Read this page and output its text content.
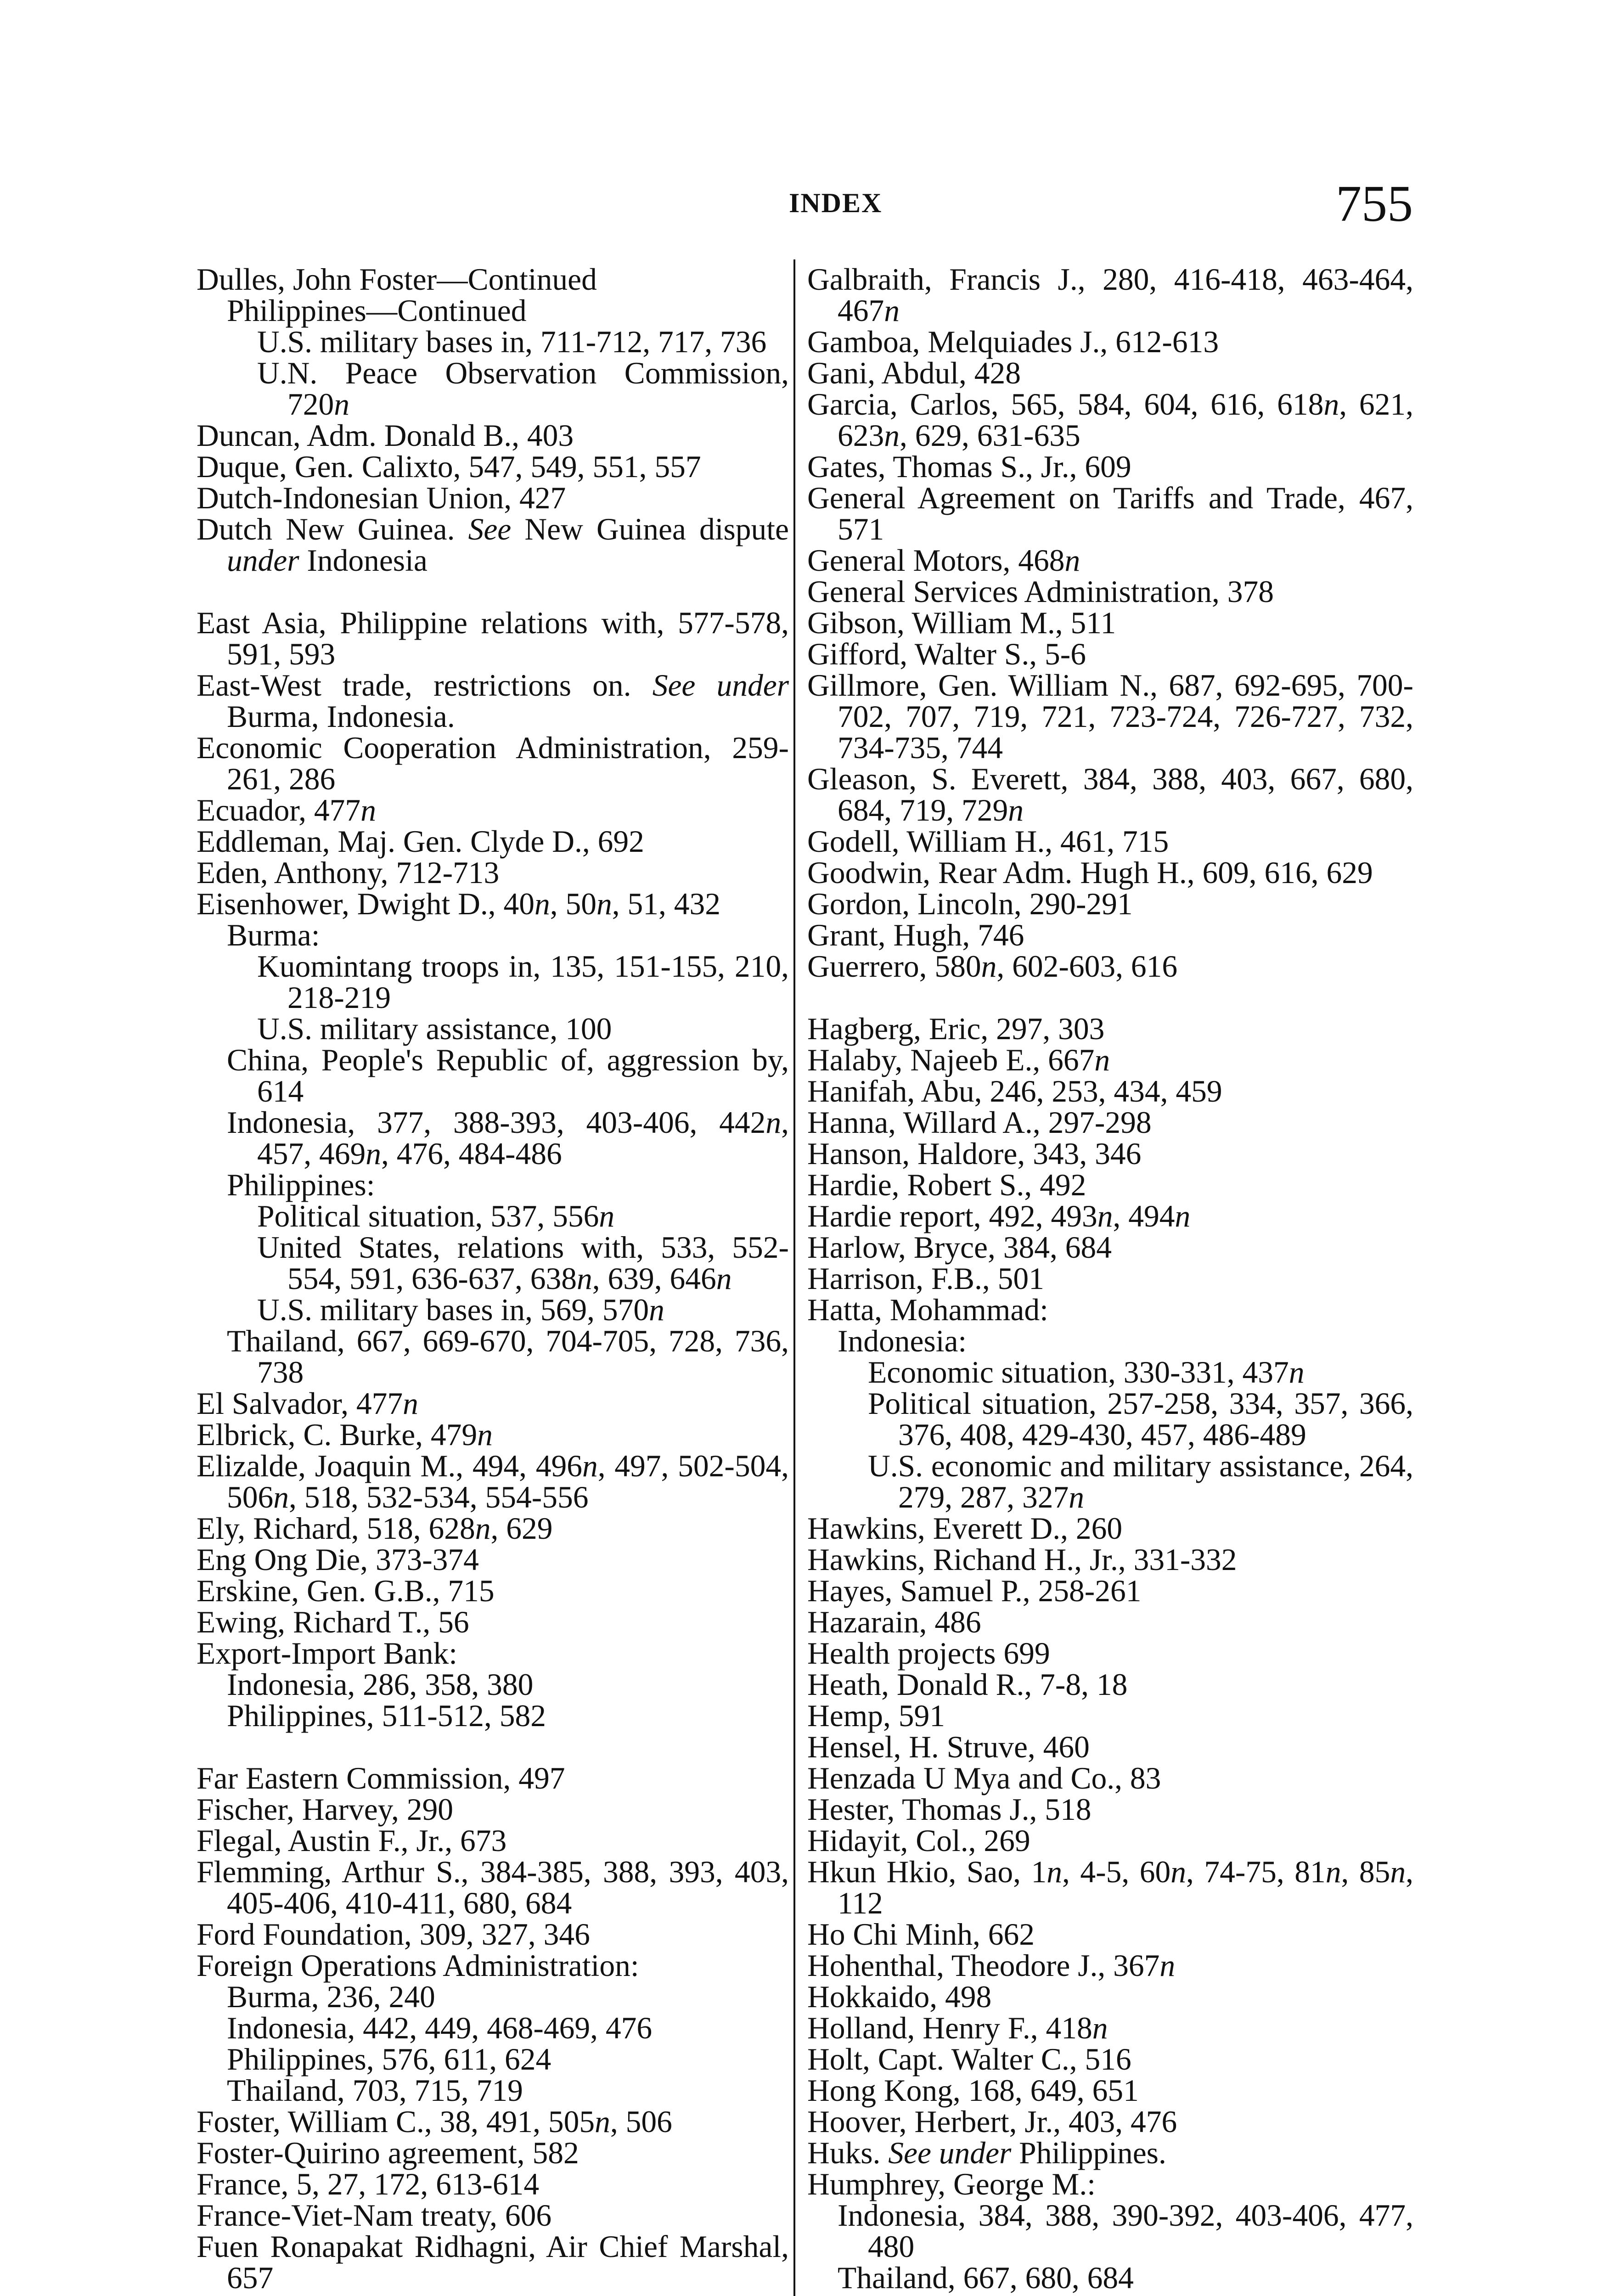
INDEX	755

Dulles, John Foster—Continued

Philippines—Continued

U.S. military bases in, 711-712, 717, 736

U.N. Peace Observation Commission, 720n

Duncan, Adm. Donald B., 403

Duque, Gen. Calixto, 547, 549, 551, 557

Dutch-Indonesian Union, 427

Dutch New Guinea. See New Guinea dispute under Indonesia

East Asia, Philippine relations with, 577-578, 591, 593

East-West trade, restrictions on. See under Burma, Indonesia.

Economic Cooperation Administration, 259-261, 286

Ecuador, 477n

Eddleman, Maj. Gen. Clyde D., 692

Eden, Anthony, 712-713

Eisenhower, Dwight D., 40n, 50n, 51, 432

Burma:

Kuomintang troops in, 135, 151-155, 210, 218-219

U.S. military assistance, 100

China, People's Republic of, aggression by, 614

Indonesia, 377, 388-393, 403-406, 442n, 457, 469n, 476, 484-486

Philippines:

Political situation, 537, 556n

United States, relations with, 533, 552-554, 591, 636-637, 638n, 639, 646n

U.S. military bases in, 569, 570n

Thailand, 667, 669-670, 704-705, 728, 736, 738

El Salvador, 477n

Elbrick, C. Burke, 479n

Elizalde, Joaquin M., 494, 496n, 497, 502-504, 506n, 518, 532-534, 554-556

Ely, Richard, 518, 628n, 629

Eng Ong Die, 373-374

Erskine, Gen. G.B., 715

Ewing, Richard T., 56

Export-Import Bank:

Indonesia, 286, 358, 380

Philippines, 511-512, 582

Far Eastern Commission, 497

Fischer, Harvey, 290

Flegal, Austin F., Jr., 673

Flemming, Arthur S., 384-385, 388, 393, 403, 405-406, 410-411, 680, 684

Ford Foundation, 309, 327, 346

Foreign Operations Administration:

Burma, 236, 240

Indonesia, 442, 449, 468-469, 476

Philippines, 576, 611, 624

Thailand, 703, 715, 719

Foster, William C., 38, 491, 505n, 506

Foster-Quirino agreement, 582

France, 5, 27, 172, 613-614

France-Viet-Nam treaty, 606

Fuen Ronapakat Ridhagni, Air Chief Marshal, 657

Galbraith, Francis J., 280, 416-418, 463-464, 467n

Gamboa, Melquiades J., 612-613

Gani, Abdul, 428

Garcia, Carlos, 565, 584, 604, 616, 618n, 621, 623n, 629, 631-635

Gates, Thomas S., Jr., 609

General Agreement on Tariffs and Trade, 467, 571

General Motors, 468n

General Services Administration, 378

Gibson, William M., 511

Gifford, Walter S., 5-6

Gillmore, Gen. William N., 687, 692-695, 700-702, 707, 719, 721, 723-724, 726-727, 732, 734-735, 744

Gleason, S. Everett, 384, 388, 403, 667, 680, 684, 719, 729n

Godell, William H., 461, 715

Goodwin, Rear Adm. Hugh H., 609, 616, 629

Gordon, Lincoln, 290-291

Grant, Hugh, 746

Guerrero, 580n, 602-603, 616

Hagberg, Eric, 297, 303

Halaby, Najeeb E., 667n

Hanifah, Abu, 246, 253, 434, 459

Hanna, Willard A., 297-298

Hanson, Haldore, 343, 346

Hardie, Robert S., 492

Hardie report, 492, 493n, 494n

Harlow, Bryce, 384, 684

Harrison, F.B., 501

Hatta, Mohammad:

Indonesia:

Economic situation, 330-331, 437n

Political situation, 257-258, 334, 357, 366, 376, 408, 429-430, 457, 486-489

U.S. economic and military assistance, 264, 279, 287, 327n

Hawkins, Everett D., 260

Hawkins, Richand H., Jr., 331-332

Hayes, Samuel P., 258-261

Hazarain, 486

Health projects 699

Heath, Donald R., 7-8, 18

Hemp, 591

Hensel, H. Struve, 460

Henzada U Mya and Co., 83

Hester, Thomas J., 518

Hidayit, Col., 269

Hkun Hkio, Sao, 1n, 4-5, 60n, 74-75, 81n, 85n, 112

Ho Chi Minh, 662

Hohenthal, Theodore J., 367n

Hokkaido, 498

Holland, Henry F., 418n

Holt, Capt. Walter C., 516

Hong Kong, 168, 649, 651

Hoover, Herbert, Jr., 403, 476

Huks. See under Philippines.

Humphrey, George M.:

Indonesia, 384, 388, 390-392, 403-406, 477, 480

Thailand, 667, 680, 684
